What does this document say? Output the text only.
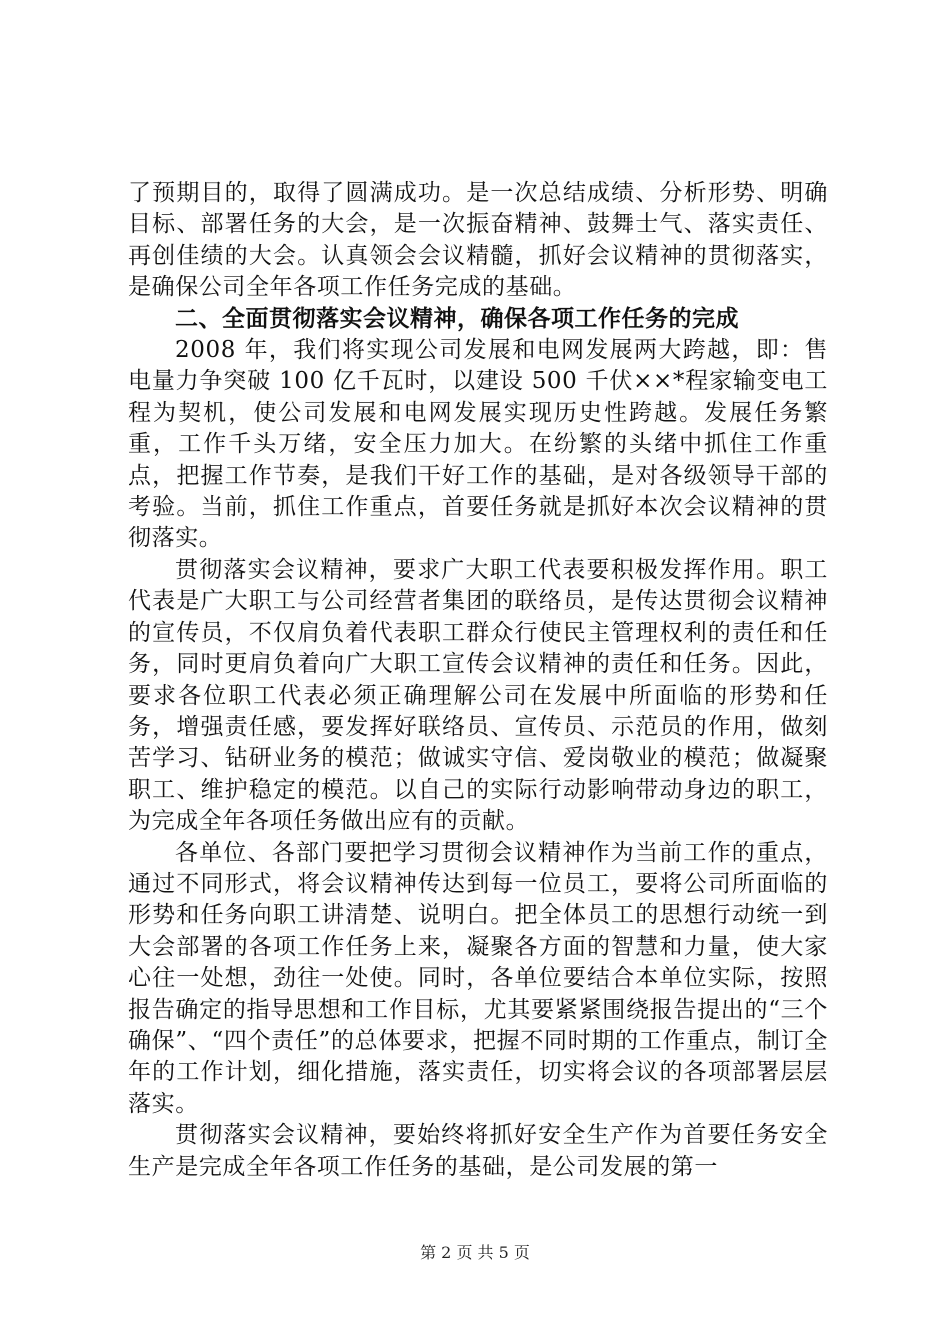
了预期目的，取得了圆满成功。是一次总结成绩、分析形势、明确目标、部署任务的大会，是一次振奋精神、鼓舞士气、落实责任、再创佳绩的大会。认真领会会议精髓，抓好会议精神的贯彻落实，是确保公司全年各项工作任务完成的基础。

二、全面贯彻落实会议精神，确保各项工作任务的完成

2008 年，我们将实现公司发展和电网发展两大跨越，即：售电量力争突破 100 亿千瓦时，以建设 500 千伏××*程家输变电工程为契机，使公司发展和电网发展实现历史性跨越。发展任务繁重，工作千头万绪，安全压力加大。在纷繁的头绪中抓住工作重点，把握工作节奏，是我们干好工作的基础，是对各级领导干部的考验。当前，抓住工作重点，首要任务就是抓好本次会议精神的贯彻落实。

贯彻落实会议精神，要求广大职工代表要积极发挥作用。职工代表是广大职工与公司经营者集团的联络员，是传达贯彻会议精神的宣传员，不仅肩负着代表职工群众行使民主管理权利的责任和任务，同时更肩负着向广大职工宣传会议精神的责任和任务。因此，要求各位职工代表必须正确理解公司在发展中所面临的形势和任务，增强责任感，要发挥好联络员、宣传员、示范员的作用，做刻苦学习、钻研业务的模范；做诚实守信、爱岗敬业的模范；做凝聚职工、维护稳定的模范。以自己的实际行动影响带动身边的职工，为完成全年各项任务做出应有的贡献。

各单位、各部门要把学习贯彻会议精神作为当前工作的重点，通过不同形式，将会议精神传达到每一位员工，要将公司所面临的形势和任务向职工讲清楚、说明白。把全体员工的思想行动统一到大会部署的各项工作任务上来，凝聚各方面的智慧和力量，使大家心往一处想，劲往一处使。同时，各单位要结合本单位实际，按照报告确定的指导思想和工作目标，尤其要紧紧围绕报告提出的“三个确保”、“四个责任”的总体要求，把握不同时期的工作重点，制订全年的工作计划，细化措施，落实责任，切实将会议的各项部署层层落实。

贯彻落实会议精神，要始终将抓好安全生产作为首要任务安全生产是完成全年各项工作任务的基础，是公司发展的第一

第 2 页 共 5 页
